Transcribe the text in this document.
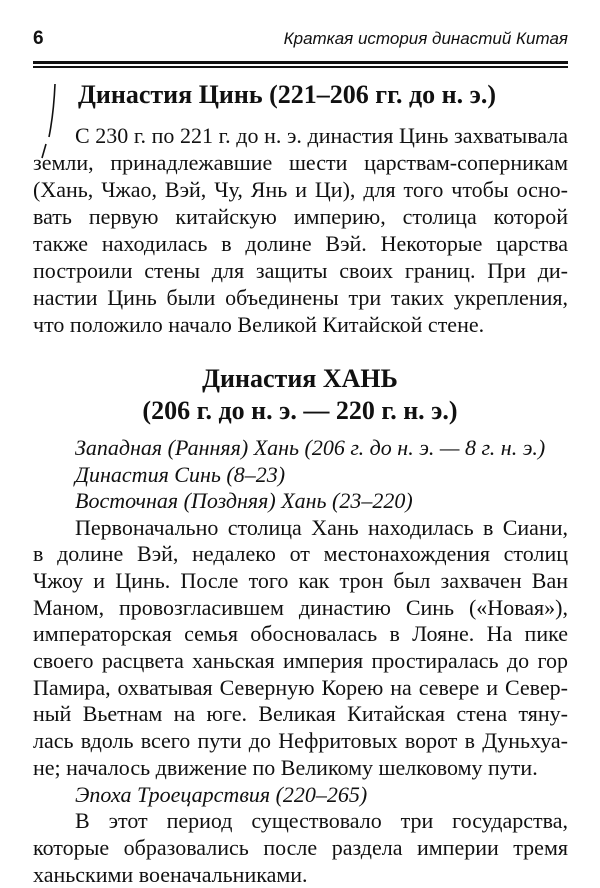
6	Краткая история династий Китая
Династия Цинь (221–206 гг. до н. э.)
С 230 г. по 221 г. до н. э. династия Цинь захватывала
земли, принадлежавшие шести царствам-соперникам
(Хань, Чжао, Вэй, Чу, Янь и Ци), для того чтобы осно-
вать первую китайскую империю, столица которой
также находилась в долине Вэй. Некоторые царства
построили стены для защиты своих границ. При ди-
настии Цинь были объединены три таких укрепления,
что положило начало Великой Китайской стене.
Династия ХАНЬ
(206 г. до н. э. — 220 г. н. э.)
Западная (Ранняя) Хань (206 г. до н. э. — 8 г. н. э.)
Династия Синь (8–23)
Восточная (Поздняя) Хань (23–220)
Первоначально столица Хань находилась в Сиани,
в долине Вэй, недалеко от местонахождения столиц
Чжоу и Цинь. После того как трон был захвачен Ван
Маном, провозгласившем династию Синь («Новая»),
императорская семья обосновалась в Лояне. На пике
своего расцвета ханьская империя простиралась до гор
Памира, охватывая Северную Корею на севере и Север-
ный Вьетнам на юге. Великая Китайская стена тяну-
лась вдоль всего пути до Нефритовых ворот в Дуньхуа-
не; началось движение по Великому шелковому пути.
Эпоха Троецарствия (220–265)
В этот период существовало три государства,
которые образовались после раздела империи тремя
ханьскими военачальниками.
